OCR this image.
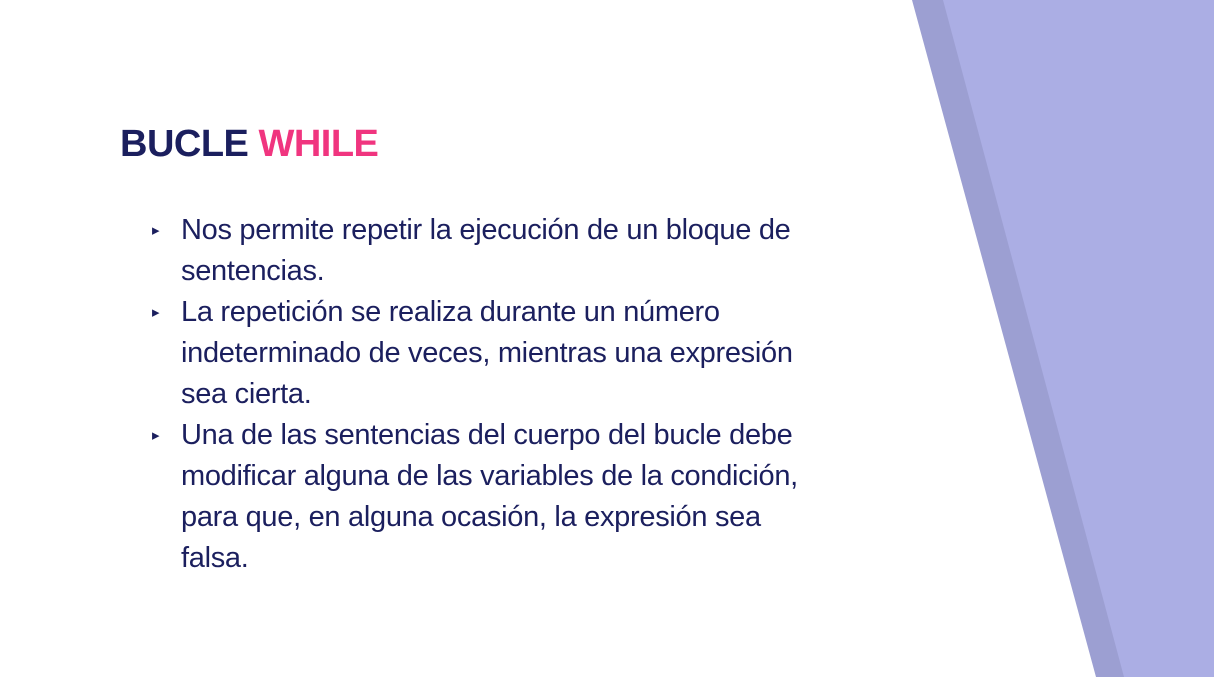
BUCLE WHILE
▸ Nos permite repetir la ejecución de un bloque de sentencias.
▸ La repetición se realiza durante un número indeterminado de veces, mientras una expresión sea cierta.
▸ Una de las sentencias del cuerpo del bucle debe modificar alguna de las variables de la condición, para que, en alguna ocasión, la expresión sea falsa.
